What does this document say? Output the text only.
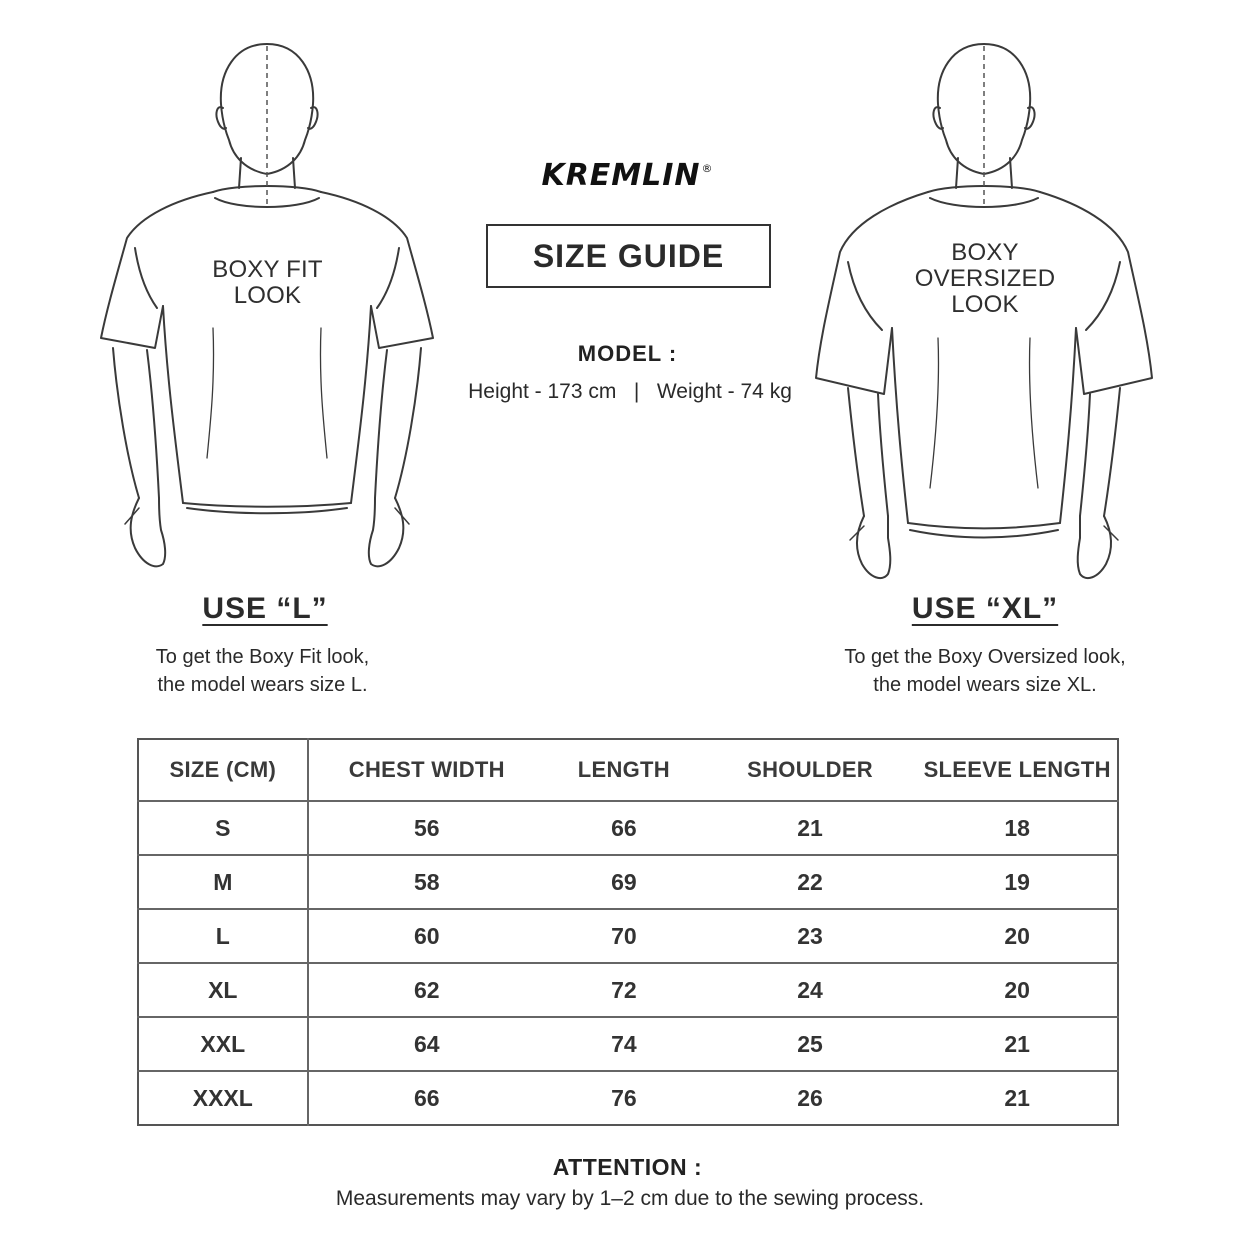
BOXY FIT
LOOK
BOXY
OVERSIZED
LOOK
KREMLIN®
SIZE GUIDE
MODEL :
Height - 173 cm | Weight - 74 kg
USE “L”
To get the Boxy Fit look,
the model wears size L.
USE “XL”
To get the Boxy Oversized look,
the model wears size XL.
SIZE (CM)	CHEST WIDTH	LENGTH	SHOULDER	SLEEVE LENGTH
S	56	66	21	18
M	58	69	22	19
L	60	70	23	20
XL	62	72	24	20
XXL	64	74	25	21
XXXL	66	76	26	21
ATTENTION :
Measurements may vary by 1–2 cm due to the sewing process.
